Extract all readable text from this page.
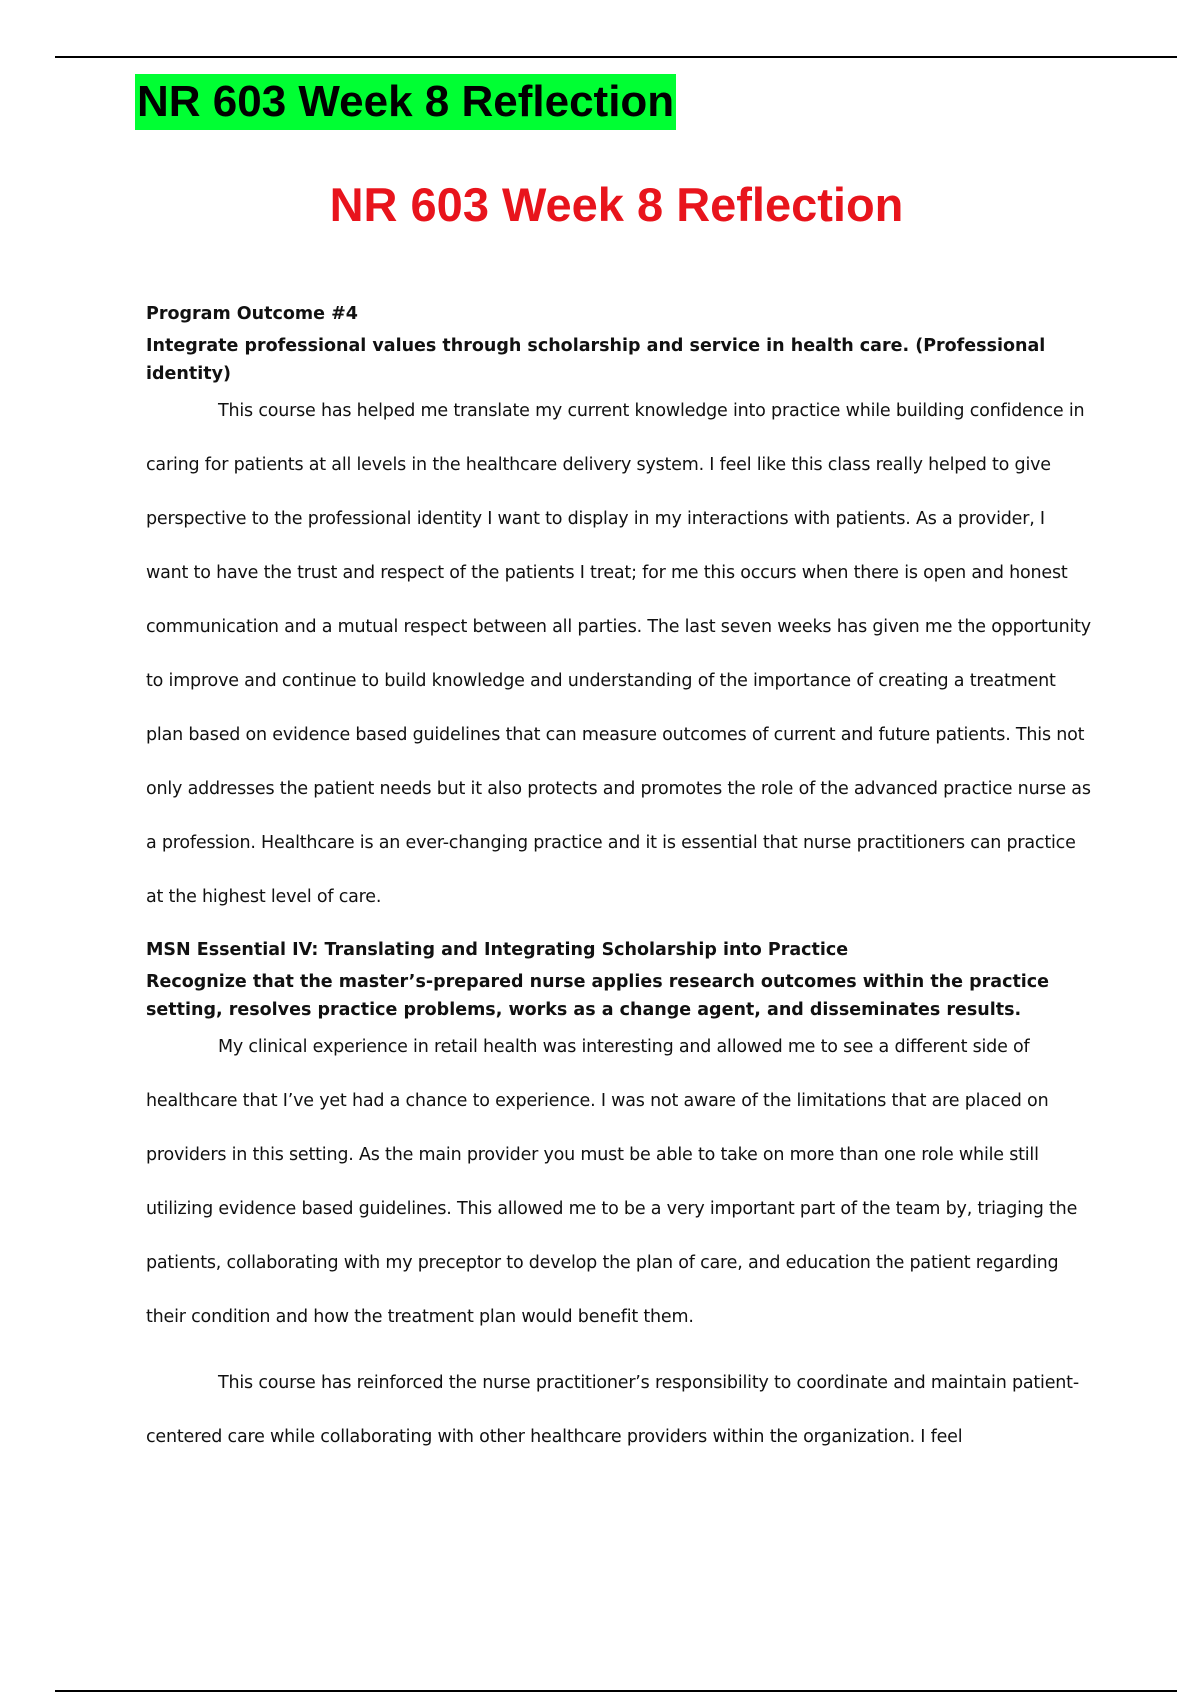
NR 603 Week 8 Reflection
NR 603 Week 8 Reflection

Program Outcome #4

Integrate professional values through scholarship and service in health care. (Professional identity)

This course has helped me translate my current knowledge into practice while building confidence in caring for patients at all levels in the healthcare delivery system. I feel like this class really helped to give perspective to the professional identity I want to display in my interactions with patients. As a provider, I want to have the trust and respect of the patients I treat; for me this occurs when there is open and honest communication and a mutual respect between all parties. The last seven weeks has given me the opportunity to improve and continue to build knowledge and understanding of the importance of creating a treatment plan based on evidence based guidelines that can measure outcomes of current and future patients. This not only addresses the patient needs but it also protects and promotes the role of the advanced practice nurse as a profession. Healthcare is an ever-changing practice and it is essential that nurse practitioners can practice at the highest level of care.

MSN Essential IV: Translating and Integrating Scholarship into Practice

Recognize that the master’s-prepared nurse applies research outcomes within the practice setting, resolves practice problems, works as a change agent, and disseminates results.

My clinical experience in retail health was interesting and allowed me to see a different side of healthcare that I’ve yet had a chance to experience. I was not aware of the limitations that are placed on providers in this setting. As the main provider you must be able to take on more than one role while still utilizing evidence based guidelines. This allowed me to be a very important part of the team by, triaging the patients, collaborating with my preceptor to develop the plan of care, and education the patient regarding their condition and how the treatment plan would benefit them.

This course has reinforced the nurse practitioner’s responsibility to coordinate and maintain patient-centered care while collaborating with other healthcare providers within the organization. I feel
